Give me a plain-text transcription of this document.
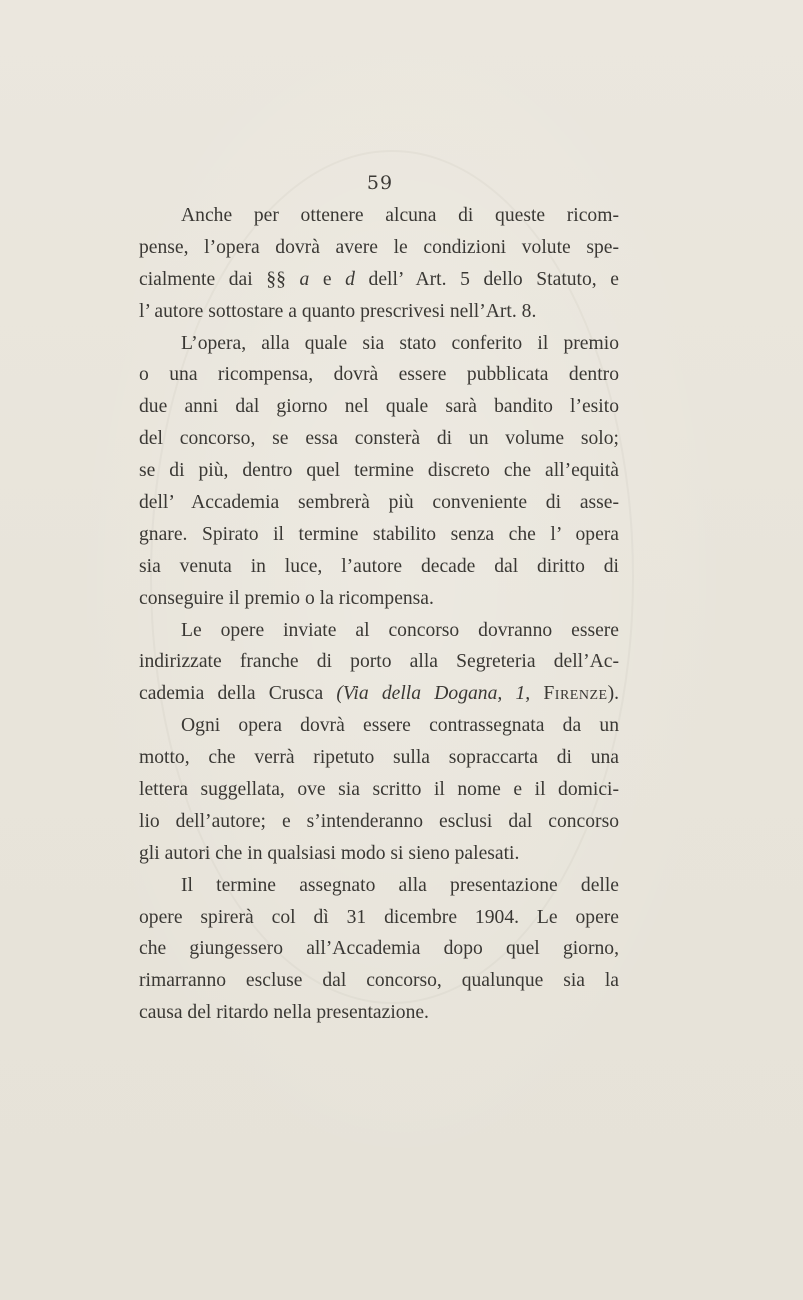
59
Anche per ottenere alcuna di queste ricom-
pense, l’opera dovrà avere le condizioni volute spe-
cialmente dai §§ a e d dell’ Art. 5 dello Statuto, e
l’ autore sottostare a quanto prescrivesi nell’Art. 8.
L’opera, alla quale sia stato conferito il premio
o una ricompensa, dovrà essere pubblicata dentro
due anni dal giorno nel quale sarà bandito l’esito
del concorso, se essa consterà di un volume solo;
se di più, dentro quel termine discreto che all’equità
dell’ Accademia sembrerà più conveniente di asse-
gnare. Spirato il termine stabilito senza che l’ opera
sia venuta in luce, l’autore decade dal diritto di
conseguire il premio o la ricompensa.
Le opere inviate al concorso dovranno essere
indirizzate franche di porto alla Segreteria dell’Ac-
cademia della Crusca (Via della Dogana, 1, Firenze).
Ogni opera dovrà essere contrassegnata da un
motto, che verrà ripetuto sulla sopraccarta di una
lettera suggellata, ove sia scritto il nome e il domici-
lio dell’autore; e s’intenderanno esclusi dal concorso
gli autori che in qualsiasi modo si sieno palesati.
Il termine assegnato alla presentazione delle
opere spirerà col dì 31 dicembre 1904. Le opere
che giungessero all’Accademia dopo quel giorno,
rimarranno escluse dal concorso, qualunque sia la
causa del ritardo nella presentazione.
